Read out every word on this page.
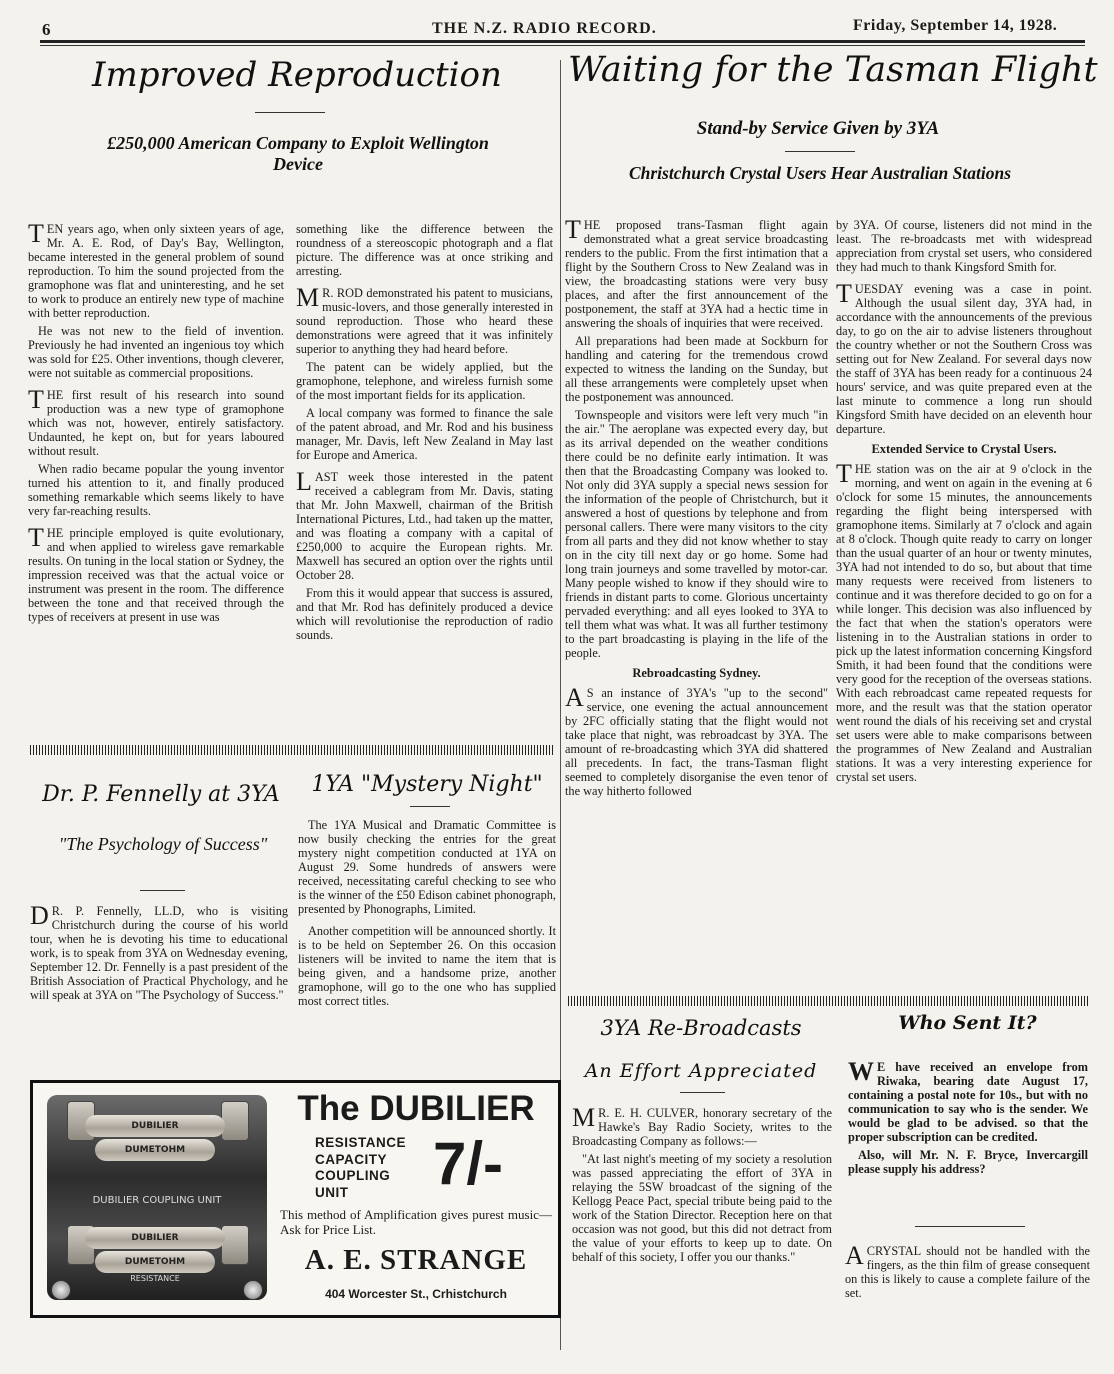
6	THE N.Z. RADIO RECORD.	Friday, September 14, 1928.
Improved Reproduction
£250,000 American Company to Exploit Wellington
Device

TEN years ago, when only sixteen years of age, Mr. A. E. Rod, of Day's Bay, Wellington, became interested in the general problem of sound reproduction. To him the sound projected from the gramophone was flat and uninteresting, and he set to work to produce an entirely new type of machine with better reproduction.

He was not new to the field of invention. Previously he had invented an ingenious toy which was sold for £25. Other inventions, though cleverer, were not suitable as commercial propositions.

THE first result of his research into sound production was a new type of gramophone which was not, however, entirely satisfactory. Undaunted, he kept on, but for years laboured without result.

When radio became popular the young inventor turned his attention to it, and finally produced something remarkable which seems likely to have very far-reaching results.

THE principle employed is quite evolutionary, and when applied to wireless gave remarkable results. On tuning in the local station or Sydney, the impression received was that the actual voice or instrument was present in the room. The difference between the tone and that received through the types of receivers at present in use was

something like the difference between the roundness of a stereoscopic photograph and a flat picture. The difference was at once striking and arresting.

MR. ROD demonstrated his patent to musicians, music-lovers, and those generally interested in sound reproduction. Those who heard these demonstrations were agreed that it was infinitely superior to anything they had heard before.

The patent can be widely applied, but the gramophone, telephone, and wireless furnish some of the most important fields for its application.

A local company was formed to finance the sale of the patent abroad, and Mr. Rod and his business manager, Mr. Davis, left New Zealand in May last for Europe and America.

LAST week those interested in the patent received a cablegram from Mr. Davis, stating that Mr. John Maxwell, chairman of the British International Pictures, Ltd., had taken up the matter, and was floating a company with a capital of £250,000 to acquire the European rights. Mr. Maxwell has secured an option over the rights until October 28.

From this it would appear that success is assured, and that Mr. Rod has definitely produced a device which will revolutionise the reproduction of radio sounds.

Waiting for the Tasman Flight
Stand-by Service Given by 3YA
Christchurch Crystal Users Hear Australian Stations

THE proposed trans-Tasman flight again demonstrated what a great service broadcasting renders to the public. From the first intimation that a flight by the Southern Cross to New Zealand was in view, the broadcasting stations were very busy places, and after the first announcement of the postponement, the staff at 3YA had a hectic time in answering the shoals of inquiries that were received.

All preparations had been made at Sockburn for handling and catering for the tremendous crowd expected to witness the landing on the Sunday, but all these arrangements were completely upset when the postponement was announced.

Townspeople and visitors were left very much "in the air." The aeroplane was expected every day, but as its arrival depended on the weather conditions there could be no definite early intimation. It was then that the Broadcasting Company was looked to. Not only did 3YA supply a special news session for the information of the people of Christchurch, but it answered a host of questions by telephone and from personal callers. There were many visitors to the city from all parts and they did not know whether to stay on in the city till next day or go home. Some had long train journeys and some travelled by motor-car. Many people wished to know if they should wire to friends in distant parts to come. Glorious uncertainty pervaded everything: and all eyes looked to 3YA to tell them what was what. It was all further testimony to the part broadcasting is playing in the life of the people.

Rebroadcasting Sydney.

AS an instance of 3YA's "up to the second" service, one evening the actual announcement by 2FC officially stating that the flight would not take place that night, was rebroadcast by 3YA. The amount of re-broadcasting which 3YA did shattered all precedents. In fact, the trans-Tasman flight seemed to completely disorganise the even tenor of the way hitherto followed

by 3YA. Of course, listeners did not mind in the least. The re-broadcasts met with widespread appreciation from crystal set users, who considered they had much to thank Kingsford Smith for.

TUESDAY evening was a case in point. Although the usual silent day, 3YA had, in accordance with the announcements of the previous day, to go on the air to advise listeners throughout the country whether or not the Southern Cross was setting out for New Zealand. For several days now the staff of 3YA has been ready for a continuous 24 hours' service, and was quite prepared even at the last minute to commence a long run should Kingsford Smith have decided on an eleventh hour departure.

Extended Service to Crystal Users.

THE station was on the air at 9 o'clock in the morning, and went on again in the evening at 6 o'clock for some 15 minutes, the announcements regarding the flight being interspersed with gramophone items. Similarly at 7 o'clock and again at 8 o'clock. Though quite ready to carry on longer than the usual quarter of an hour or twenty minutes, 3YA had not intended to do so, but about that time many requests were received from listeners to continue and it was therefore decided to go on for a while longer. This decision was also influenced by the fact that when the station's operators were listening in to the Australian stations in order to pick up the latest information concerning Kingsford Smith, it had been found that the conditions were very good for the reception of the overseas stations. With each rebroadcast came repeated requests for more, and the result was that the station operator went round the dials of his receiving set and crystal set users were able to make comparisons between the programmes of New Zealand and Australian stations. It was a very interesting experience for crystal set users.

Dr. P. Fennelly at 3YA
"The Psychology of Success"

DR. P. Fennelly, LL.D, who is visiting Christchurch during the course of his world tour, when he is devoting his time to educational work, is to speak from 3YA on Wednesday evening, September 12. Dr. Fennelly is a past president of the British Association of Practical Phychology, and he will speak at 3YA on "The Psychology of Success."

1YA "Mystery Night"

The 1YA Musical and Dramatic Committee is now busily checking the entries for the great mystery night competition conducted at 1YA on August 29. Some hundreds of answers were received, necessitating careful checking to see who is the winner of the £50 Edison cabinet phonograph, presented by Phonographs, Limited.

Another competition will be announced shortly. It is to be held on September 26. On this occasion listeners will be invited to name the item that is being given, and a handsome prize, another gramophone, will go to the one who has supplied most correct titles.

DUBILIER
DUMETOHM
DUBILIER COUPLING UNIT
DUBILIER
DUMETOHM
RESISTANCE
The DUBILIER
RESISTANCE
CAPACITY
COUPLING
UNIT	7/-
This method of Amplification gives purest music—Ask for Price List.
A. E. STRANGE
404 Worcester St., Crhistchurch
3YA Re-Broadcasts
An Effort Appreciated

MR. E. H. CULVER, honorary secretary of the Hawke's Bay Radio Society, writes to the Broadcasting Company as follows:—

"At last night's meeting of my society a resolution was passed appreciating the effort of 3YA in relaying the 5SW broadcast of the signing of the Kellogg Peace Pact, special tribute being paid to the work of the Station Director. Reception here on that occasion was not good, but this did not detract from the value of your efforts to keep up to date. On behalf of this society, I offer you our thanks."

Who Sent It?

WE have received an envelope from Riwaka, bearing date August 17, containing a postal note for 10s., but with no communication to say who is the sender. We would be glad to be advised. so that the proper subscription can be credited.

Also, will Mr. N. F. Bryce, Invercargill please supply his address?

ACRYSTAL should not be handled with the fingers, as the thin film of grease consequent on this is likely to cause a complete failure of the set.
